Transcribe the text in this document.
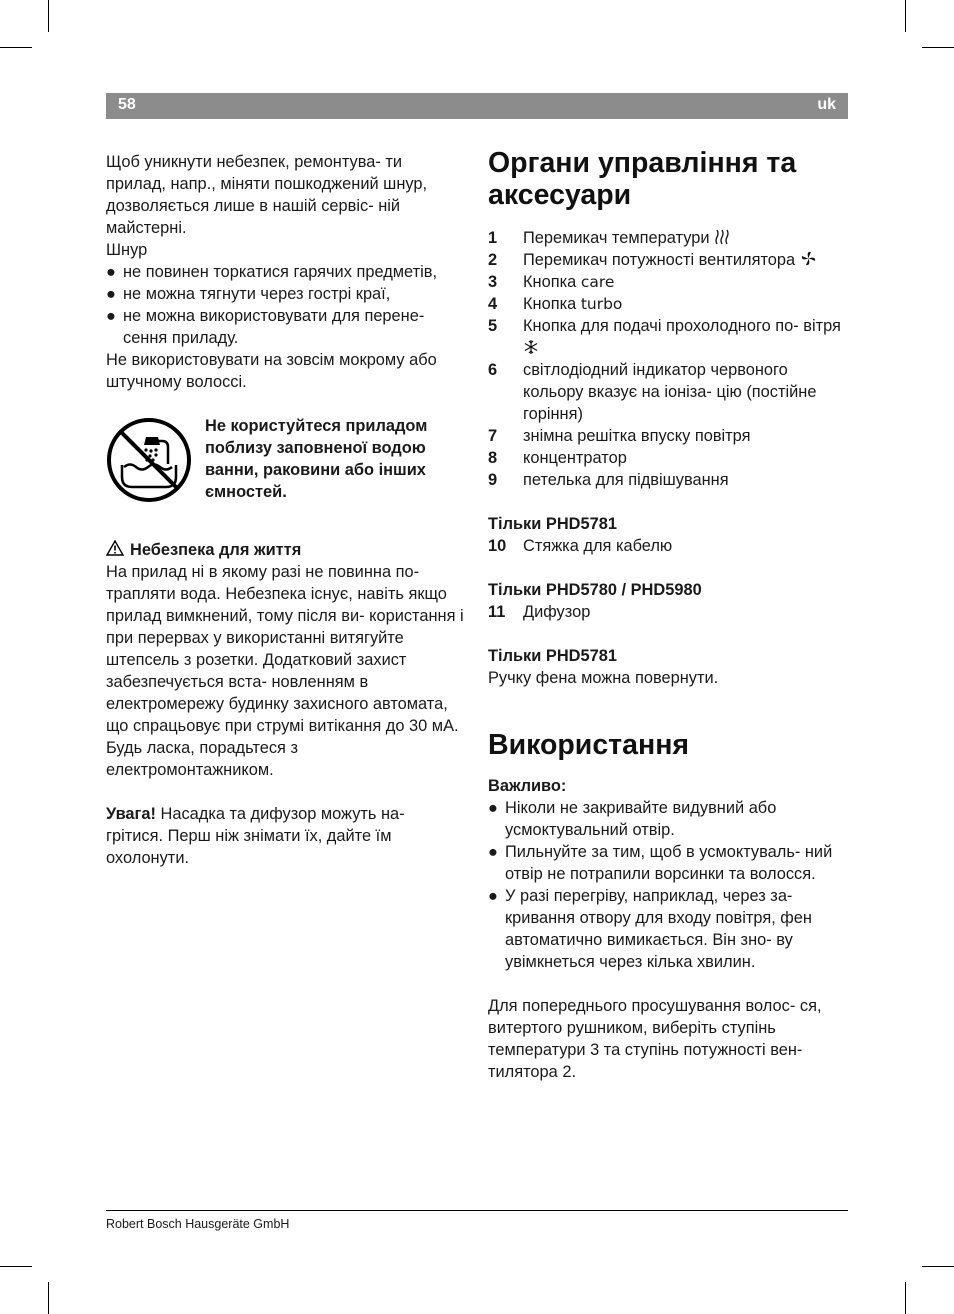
58	uk

Щоб уникнути небезпек, ремонтува- ти прилад, напр., міняти пошкоджений шнур, дозволяється лише в нашій сервіс- ній майстерні.

Шнур

● не повинен торкатися гарячих предметів,
● не можна тягнути через гострі краї,
● не можна використовувати для перене- сення приладу.

Не використовувати на зовсім мокрому або штучному волоссі.

Не користуйтеся приладом поблизу заповненої водою ванни, раковини або інших ємностей.

Небезпека для життя

На прилад ні в якому разі не повинна по- трапляти вода. Небезпека існує, навіть якщо прилад вимкнений, тому після ви- користання і при перервах у використанні витягуйте штепсель з розетки. Додатковий захист забезпечується вста- новленням в електромережу будинку захисного автомата, що спрацьовує при струмі витікання до 30 мА. Будь ласка, порадьтеся з електромонтажником.

Увага! Насадка та дифузор можуть на- грітися. Перш ніж знімати їх, дайте їм охолонути.

Органи управління та аксесуари
1 Перемикач температури
2 Перемикач потужності вентилятора
3 Кнопка care
4 Кнопка turbo
5 Кнопка для подачі прохолодного по- вітря
6 світлодіодний індикатор червоного кольору вказує на іоніза- цію (постійне горіння)
7 знімна решітка впуску повітря
8 концентратор
9 петелька для підвішування

Тільки PHD5781

10 Стяжка для кабелю

Тільки PHD5780 / PHD5980

11 Дифузор

Тільки PHD5781

Ручку фена можна повернути.

Використання

Важливо:

● Ніколи не закривайте видувний або усмоктувальний отвір.
● Пильнуйте за тим, щоб в усмоктуваль- ний отвір не потрапили ворсинки та волосся.
● У разі перегріву, наприклад, через за- кривання отвору для входу повітря, фен автоматично вимикається. Він зно- ву увімкнеться через кілька хвилин.

Для попереднього просушування волос- ся, витертого рушником, виберіть ступінь температури 3 та ступінь потужності вен- тилятора 2.

Robert Bosch Hausgeräte GmbH
